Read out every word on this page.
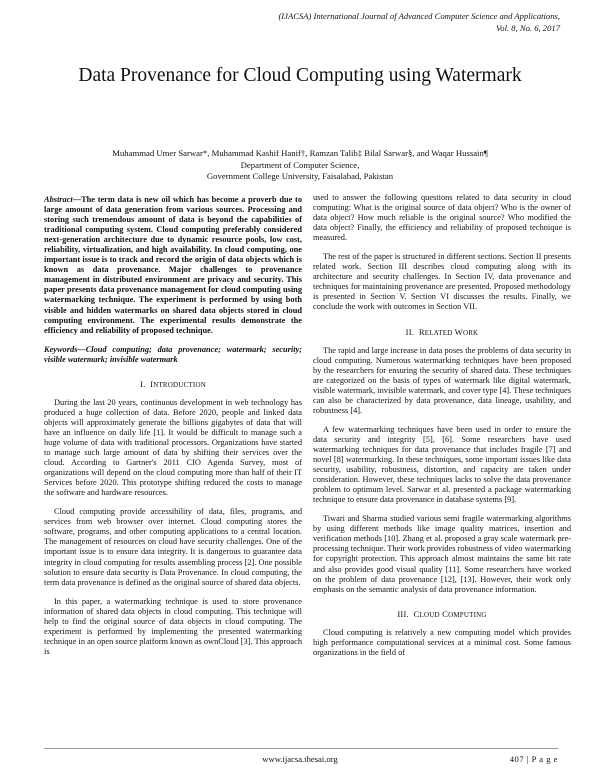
(IJACSA) International Journal of Advanced Computer Science and Applications,
Vol. 8, No. 6, 2017
Data Provenance for Cloud Computing using Watermark
Muhammad Umer Sarwar*, Muhammad Kashif Hanif†, Ramzan Talib‡ Bilal Sarwar§, and Waqar Hussain¶
Department of Computer Science,
Government College University, Faisalabad, Pakistan
Abstract—The term data is new oil which has become a proverb due to large amount of data generation from various sources. Processing and storing such tremendous amount of data is beyond the capabilities of traditional computing system. Cloud computing preferably considered next-generation architecture due to dynamic resource pools, low cost, reliability, virtualization, and high availability. In cloud computing, one important issue is to track and record the origin of data objects which is known as data provenance. Major challenges to provenance management in distributed environment are privacy and security. This paper presents data provenance management for cloud computing using watermarking technique. The experiment is performed by using both visible and hidden watermarks on shared data objects stored in cloud computing environment. The experimental results demonstrate the efficiency and reliability of proposed technique.
Keywords—Cloud computing; data provenance; watermark; security; visible watermark; invisible watermark
I. INTRODUCTION

During the last 20 years, continuous development in web technology has produced a huge collection of data. Before 2020, people and linked data objects will approximately generate the billions gigabytes of data that will have an influence on daily life [1]. It would be difficult to manage such a huge volume of data with traditional processors. Organizations have started to manage such large amount of data by shifting their services over the cloud. According to Gartner's 2011 CIO Agenda Survey, most of organizations will depend on the cloud computing more than half of their IT Services before 2020. This prototype shifting reduced the costs to manage the software and hardware resources.

Cloud computing provide accessibility of data, files, programs, and services from web browser over internet. Cloud computing stores the software, programs, and other computing applications to a central location. The management of resources on cloud have security challenges. One of the important issue is to ensure data integrity. It is dangerous to guarantee data integrity in cloud computing for results assembling process [2]. One possible solution to ensure data security is Data Provenance. In cloud computing, the term data provenance is defined as the original source of shared data objects.

In this paper, a watermarking technique is used to store provenance information of shared data objects in cloud computing. This technique will help to find the original source of data objects in cloud computing. The experiment is performed by implementing the presented watermarking technique in an open source platform known as ownCloud [3]. This approach is

used to answer the following questions related to data security in cloud computing: What is the original source of data object? Who is the owner of data object? How much reliable is the original source? Who modified the data object? Finally, the efficiency and reliability of proposed technique is measured.

The rest of the paper is structured in different sections. Section II presents related work. Section III describes cloud computing along with its architecture and security challenges. In Section IV, data provenance and techniques for maintaining provenance are presented. Proposed methodology is presented in Section V. Section VI discusses the results. Finally, we conclude the work with outcomes in Section VII.

II. RELATED WORK

The rapid and large increase in data poses the problems of data security in cloud computing. Numerous watermarking techniques have been proposed by the researchers for ensuring the security of shared data. These techniques are categorized on the basis of types of watermark like digital watermark, visible watermark, invisible watermark, and cover type [4]. These techniques can also be characterized by data provenance, data lineage, usability, and robustness [4].

A few watermarking techniques have been used in order to ensure the data security and integrity [5], [6]. Some researchers have used watermarking techniques for data provenance that includes fragile [7] and novel [8] watermarking. In these techniques, some important issues like data security, usability, robustness, distortion, and capacity are taken under consideration. However, these techniques lacks to solve the data provenance problem to optimum level. Sarwar et al. presented a package watermarking technique to ensure data provenance in database systems [9].

Tiwari and Sharma studied various semi fragile watermarking algorithms by using different methods like image quality matrices, insertion and verification methods [10]. Zhang et al. proposed a gray scale watermark pre-processing technique. Their work provides robustness of video watermarking for copyright protection. This approach almost maintains the same bit rate and also provides good visual quality [11]. Some researchers have worked on the problem of data provenance [12], [13]. However, their work only emphasis on the semantic analysis of data provenance information.

III. CLOUD COMPUTING

Cloud computing is relatively a new computing model which provides high performance computational services at a minimal cost. Some famous organizations in the field of

www.ijacsa.thesai.org	407 | P a g e
